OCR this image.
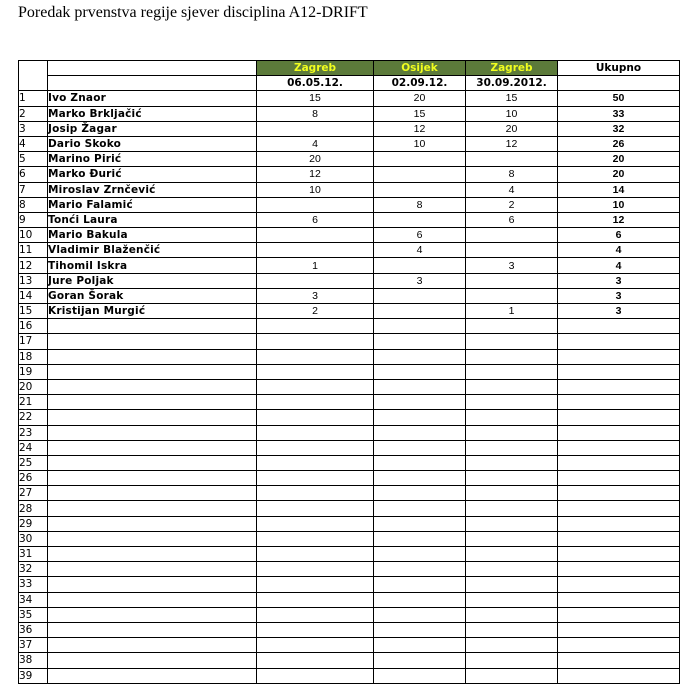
Poredak prvenstva regije sjever disciplina A12-DRIFT
		Zagreb	Osijek	Zagreb	Ukupno
		06.05.12.	02.09.12.	30.09.2012.	
1	Ivo Znaor	15	20	15	50
2	Marko Brkljačić	8	15	10	33
3	Josip Žagar		12	20	32
4	Dario Skoko	4	10	12	26
5	Marino Pirić	20			20
6	Marko Đurić	12		8	20
7	Miroslav Zrnčević	10		4	14
8	Mario Falamić		8	2	10
9	Tonći Laura	6		6	12
10	Mario Bakula		6		6
11	Vladimir Blaženčić		4		4
12	Tihomil Iskra	1		3	4
13	Jure Poljak		3		3
14	Goran Šorak	3			3
15	Kristijan Murgić	2		1	3
16					
17					
18					
19					
20					
21					
22					
23					
24					
25					
26					
27					
28					
29					
30					
31					
32					
33					
34					
35					
36					
37					
38					
39					
